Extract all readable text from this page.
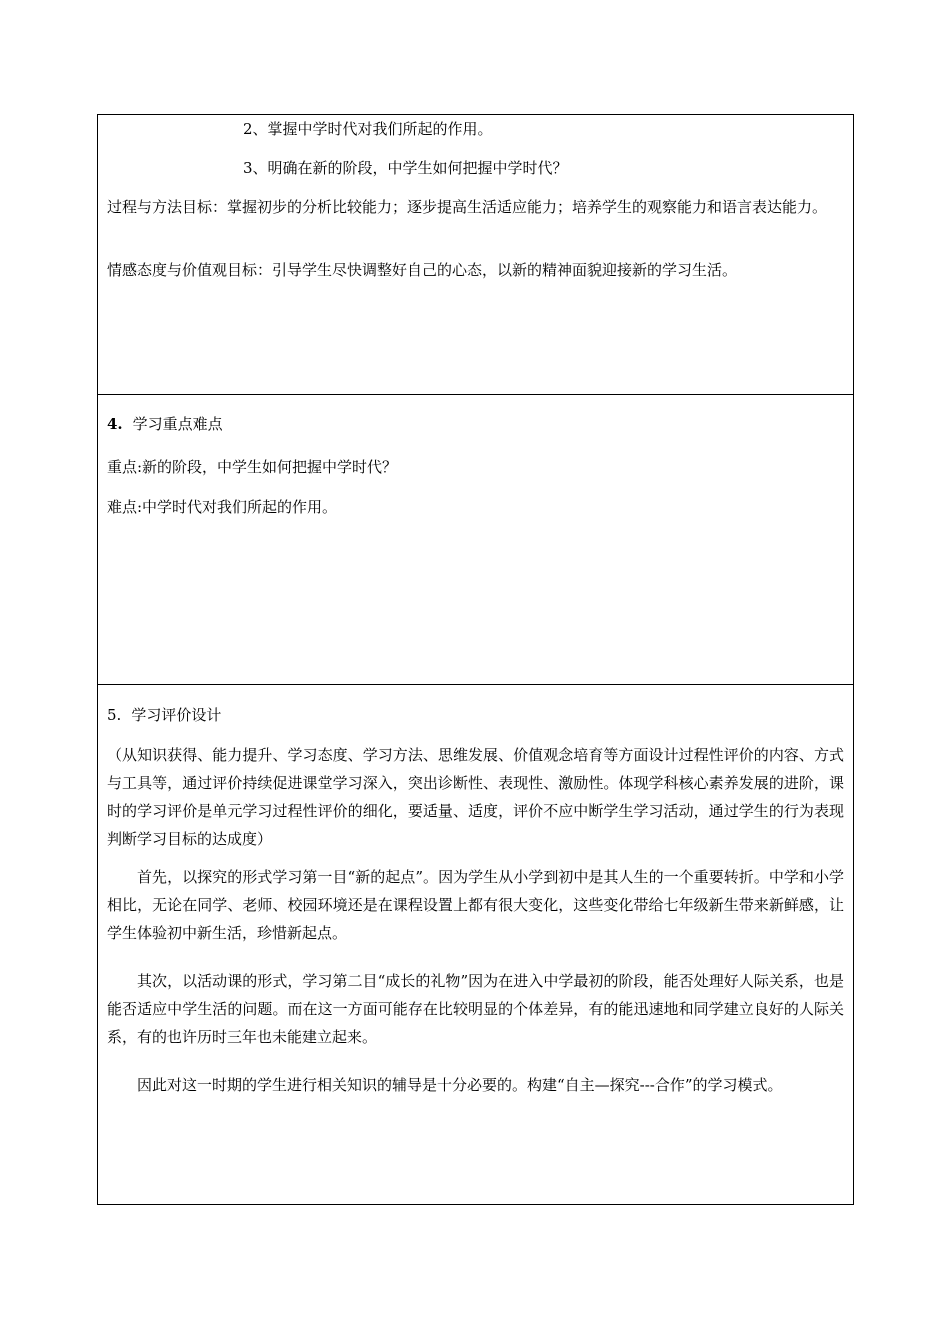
2、掌握中学时代对我们所起的作用。
3、明确在新的阶段，中学生如何把握中学时代？
过程与方法目标：掌握初步的分析比较能力；逐步提高生活适应能力；培养学生的观察能力和语言表达能力。
情感态度与价值观目标：引导学生尽快调整好自己的心态，以新的精神面貌迎接新的学习生活。
4. 学习重点难点
重点:新的阶段，中学生如何把握中学时代？
难点:中学时代对我们所起的作用。
5. 学习评价设计
（从知识获得、能力提升、学习态度、学习方法、思维发展、价值观念培育等方面设计过程性评价的内容、方式与工具等，通过评价持续促进课堂学习深入，突出诊断性、表现性、激励性。体现学科核心素养发展的进阶，课时的学习评价是单元学习过程性评价的细化，要适量、适度，评价不应中断学生学习活动，通过学生的行为表现判断学习目标的达成度）
首先，以探究的形式学习第一目“新的起点”。因为学生从小学到初中是其人生的一个重要转折。中学和小学相比，无论在同学、老师、校园环境还是在课程设置上都有很大变化，这些变化带给七年级新生带来新鲜感，让学生体验初中新生活，珍惜新起点。
其次，以活动课的形式，学习第二目“成长的礼物”因为在进入中学最初的阶段，能否处理好人际关系，也是能否适应中学生活的问题。而在这一方面可能存在比较明显的个体差异，有的能迅速地和同学建立良好的人际关系，有的也许历时三年也未能建立起来。
因此对这一时期的学生进行相关知识的辅导是十分必要的。构建“自主—探究---合作”的学习模式。
